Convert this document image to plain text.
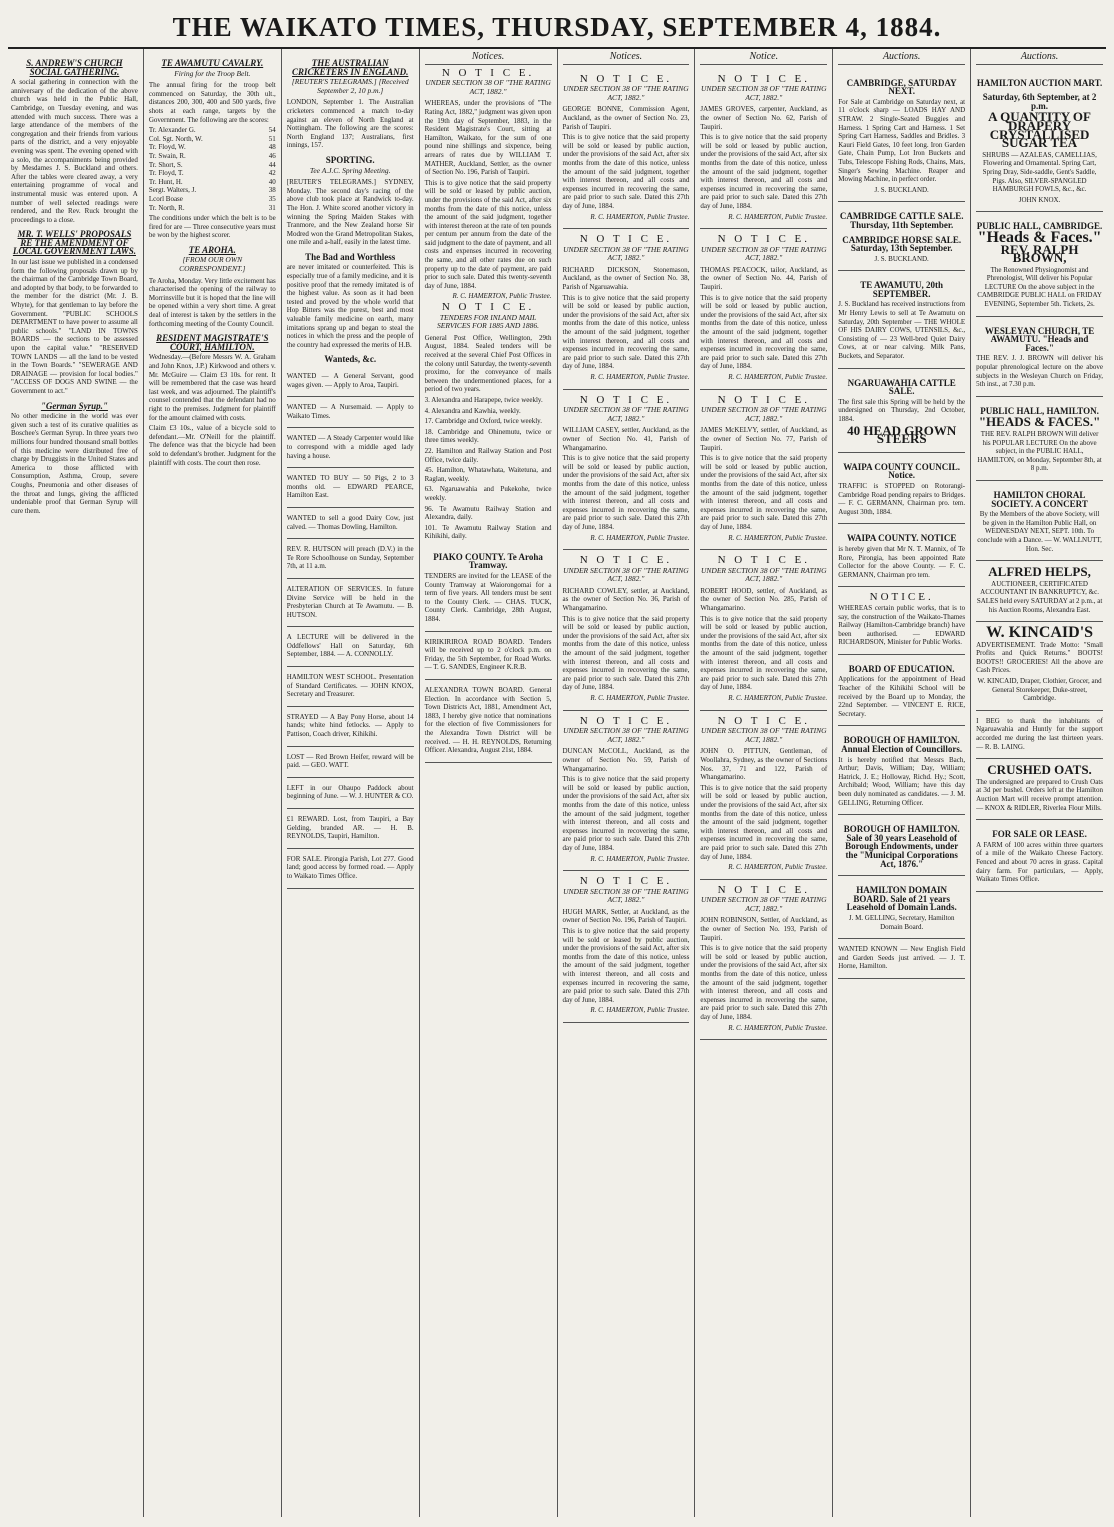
THE WAIKATO TIMES, THURSDAY, SEPTEMBER 4, 1884.
S. ANDREW'S CHURCH SOCIAL GATHERING.

A social gathering in connection with the anniversary of the dedication of the above church was held in the Public Hall, Cambridge, on Tuesday evening, and was attended with much success. There was a large attendance of the members of the congregation and their friends from various parts of the district, and a very enjoyable evening was spent. The evening opened with a solo, the accompaniments being provided by Mesdames J. S. Buckland and others. After the tables were cleared away, a very entertaining programme of vocal and instrumental music was entered upon. A number of well selected readings were rendered, and the Rev. Ruck brought the proceedings to a close.

MR. T. WELLS' PROPOSALS RE THE AMENDMENT OF LOCAL GOVERNMENT LAWS.

In our last issue we published in a condensed form the following proposals drawn up by the chairman of the Cambridge Town Board, and adopted by that body, to be forwarded to the member for the district (Mr. J. B. Whyte), for that gentleman to lay before the Government. "PUBLIC SCHOOLS DEPARTMENT to have power to assume all public schools." "LAND IN TOWNS BOARDS — the sections to be assessed upon the capital value." "RESERVED TOWN LANDS — all the land to be vested in the Town Boards." "SEWERAGE AND DRAINAGE — provision for local bodies." "ACCESS OF DOGS AND SWINE — the Government to act."

"German Syrup."

No other medicine in the world was ever given such a test of its curative qualities as Boschee's German Syrup. In three years two millions four hundred thousand small bottles of this medicine were distributed free of charge by Druggists in the United States and America to those afflicted with Consumption, Asthma, Croup, severe Coughs, Pneumonia and other diseases of the throat and lungs, giving the afflicted undeniable proof that German Syrup will cure them.

TE AWAMUTU CAVALRY.
Firing for the Troop Belt.

The annual firing for the troop belt commenced on Saturday, the 30th ult., distances 200, 300, 400 and 500 yards, five shots at each range, targets by the Government. The following are the scores:

Tr. Alexander G.	54
Col. Sgt. North, W.	51
Tr. Floyd, W.	48
Tr. Swain, R.	46
Tr. Short, S.	44
Tr. Floyd, T.	42
Tr. Hunt, H.	40
Sergt. Walters, J.	38
Lcorl Boase	35
Tr. North, R.	31

The conditions under which the belt is to be fired for are — Three consecutive years must be won by the highest scorer.

TE AROHA.
[FROM OUR OWN CORRESPONDENT.]

Te Aroha, Monday. Very little excitement has characterised the opening of the railway to Morrinsville but it is hoped that the line will be opened within a very short time. A great deal of interest is taken by the settlers in the forthcoming meeting of the County Council.

RESIDENT MAGISTRATE'S COURT, HAMILTON.

Wednesday.—(Before Messrs W. A. Graham and John Knox, J.P.) Kirkwood and others v. Mr. McGuire — Claim £3 10s. for rent. It will be remembered that the case was heard last week, and was adjourned. The plaintiff's counsel contended that the defendant had no right to the premises. Judgment for plaintiff for the amount claimed with costs.

Claim £3 10s., value of a bicycle sold to defendant.—Mr. O'Neill for the plaintiff. The defence was that the bicycle had been sold to defendant's brother. Judgment for the plaintiff with costs. The court then rose.

THE AUSTRALIAN CRICKETERS IN ENGLAND.
[REUTER'S TELEGRAMS.] [Received September 2, 10 p.m.]

LONDON, September 1. The Australian cricketers commenced a match to-day against an eleven of North England at Nottingham. The following are the scores: North England 137; Australians, first innings, 157.

SPORTING.
Tee A.J.C. Spring Meeting.

[REUTER'S TELEGRAMS.] SYDNEY, Monday. The second day's racing of the above club took place at Randwick to-day. The Hon. J. White scored another victory in winning the Spring Maiden Stakes with Tranmore, and the New Zealand horse Sir Modred won the Grand Metropolitan Stakes, one mile and a-half, easily in the latest time.

The Bad and Worthless

are never imitated or counterfeited. This is especially true of a family medicine, and it is positive proof that the remedy imitated is of the highest value. As soon as it had been tested and proved by the whole world that Hop Bitters was the purest, best and most valuable family medicine on earth, many imitations sprang up and began to steal the notices in which the press and the people of the country had expressed the merits of H.B.

Wanteds, &c.

WANTED — A General Servant, good wages given. — Apply to Aroa, Taupiri.

WANTED — A Nursemaid. — Apply to Waikato Times.

WANTED — A Steady Carpenter would like to correspond with a middle aged lady having a house.

WANTED TO BUY — 50 Pigs, 2 to 3 months old. — EDWARD PEARCE, Hamilton East.

WANTED to sell a good Dairy Cow, just calved. — Thomas Dowling, Hamilton.

REV. R. HUTSON will preach (D.V.) in the Te Rore Schoolhouse on Sunday, September 7th, at 11 a.m.

ALTERATION OF SERVICES. In future Divine Service will be held in the Presbyterian Church at Te Awamutu. — B. HUTSON.

A LECTURE will be delivered in the Oddfellows' Hall on Saturday, 6th September, 1884. — A. CONNOLLY.

HAMILTON WEST SCHOOL. Presentation of Standard Certificates. — JOHN KNOX, Secretary and Treasurer.

STRAYED — A Bay Pony Horse, about 14 hands; white hind fetlocks. — Apply to Pattison, Coach driver, Kihikihi.

LOST — Red Brown Heifer, reward will be paid. — GEO. WATT.

LEFT in our Ohaupo Paddock about beginning of June. — W. J. HUNTER & CO.

£1 REWARD. Lost, from Taupiri, a Bay Gelding, branded AR. — H. B. REYNOLDS, Taupiri, Hamilton.

FOR SALE. Pirongia Parish, Lot 277. Good land; good access by formed road. — Apply to Waikato Times Office.

Notices.
N O T I C E.
UNDER SECTION 38 OF "THE RATING ACT, 1882."

WHEREAS, under the provisions of "The Rating Act, 1882," judgment was given upon the 19th day of September, 1883, in the Resident Magistrate's Court, sitting at Hamilton, Waikato, for the sum of one pound nine shillings and sixpence, being arrears of rates due by WILLIAM T. MATHER, Auckland, Settler, as the owner of Section No. 196, Parish of Taupiri.

This is to give notice that the said property will be sold or leased by public auction, under the provisions of the said Act, after six months from the date of this notice, unless the amount of the said judgment, together with interest thereon at the rate of ten pounds per centum per annum from the date of the said judgment to the date of payment, and all costs and expenses incurred in recovering the same, and all other rates due on such property up to the date of payment, are paid prior to such sale. Dated this twenty-seventh day of June, 1884.

R. C. HAMERTON, Public Trustee.

N O T I C E.
TENDERS FOR INLAND MAIL SERVICES FOR 1885 AND 1886.

General Post Office, Wellington, 29th August, 1884. Sealed tenders will be received at the several Chief Post Offices in the colony until Saturday, the twenty-seventh proximo, for the conveyance of mails between the undermentioned places, for a period of two years.

3. Alexandra and Harapepe, twice weekly.

4. Alexandra and Kawhia, weekly.

17. Cambridge and Oxford, twice weekly.

18. Cambridge and Ohinemutu, twice or three times weekly.

22. Hamilton and Railway Station and Post Office, twice daily.

45. Hamilton, Whatawhata, Waitetuna, and Raglan, weekly.

63. Ngaruawahia and Pukekohe, twice weekly.

96. Te Awamutu Railway Station and Alexandra, daily.

101. Te Awamutu Railway Station and Kihikihi, daily.

PIAKO COUNTY. Te Aroha Tramway.

TENDERS are invited for the LEASE of the County Tramway at Waiorongomai for a term of five years. All tenders must be sent to the County Clerk. — CHAS. TUCK, County Clerk. Cambridge, 28th August, 1884.

KIRIKIRIROA ROAD BOARD. Tenders will be received up to 2 o'clock p.m. on Friday, the 5th September, for Road Works. — T. G. SANDES, Engineer K.R.B.

ALEXANDRA TOWN BOARD. General Election. In accordance with Section 5, Town Districts Act, 1881, Amendment Act, 1883, I hereby give notice that nominations for the election of five Commissioners for the Alexandra Town District will be received. — H. H. REYNOLDS, Returning Officer. Alexandra, August 21st, 1884.

Notices.
N O T I C E.
UNDER SECTION 38 OF "THE RATING ACT, 1882."

GEORGE BONNE, Commission Agent, Auckland, as the owner of Section No. 23, Parish of Taupiri.

This is to give notice that the said property will be sold or leased by public auction, under the provisions of the said Act, after six months from the date of this notice, unless the amount of the said judgment, together with interest thereon, and all costs and expenses incurred in recovering the same, are paid prior to such sale. Dated this 27th day of June, 1884.

R. C. HAMERTON, Public Trustee.

N O T I C E.
UNDER SECTION 38 OF "THE RATING ACT, 1882."

RICHARD DICKSON, Stonemason, Auckland, as the owner of Section No. 38, Parish of Ngaruawahia.

This is to give notice that the said property will be sold or leased by public auction, under the provisions of the said Act, after six months from the date of this notice, unless the amount of the said judgment, together with interest thereon, and all costs and expenses incurred in recovering the same, are paid prior to such sale. Dated this 27th day of June, 1884.

R. C. HAMERTON, Public Trustee.

N O T I C E.
UNDER SECTION 38 OF "THE RATING ACT, 1882."

WILLIAM CASEY, settler, Auckland, as the owner of Section No. 41, Parish of Whangamarino.

This is to give notice that the said property will be sold or leased by public auction, under the provisions of the said Act, after six months from the date of this notice, unless the amount of the said judgment, together with interest thereon, and all costs and expenses incurred in recovering the same, are paid prior to such sale. Dated this 27th day of June, 1884.

R. C. HAMERTON, Public Trustee.

N O T I C E.
UNDER SECTION 38 OF "THE RATING ACT, 1882."

RICHARD COWLEY, settler, at Auckland, as the owner of Section No. 36, Parish of Whangamarino.

This is to give notice that the said property will be sold or leased by public auction, under the provisions of the said Act, after six months from the date of this notice, unless the amount of the said judgment, together with interest thereon, and all costs and expenses incurred in recovering the same, are paid prior to such sale. Dated this 27th day of June, 1884.

R. C. HAMERTON, Public Trustee.

N O T I C E.
UNDER SECTION 38 OF "THE RATING ACT, 1882."

DUNCAN McCOLL, Auckland, as the owner of Section No. 59, Parish of Whangamarino.

This is to give notice that the said property will be sold or leased by public auction, under the provisions of the said Act, after six months from the date of this notice, unless the amount of the said judgment, together with interest thereon, and all costs and expenses incurred in recovering the same, are paid prior to such sale. Dated this 27th day of June, 1884.

R. C. HAMERTON, Public Trustee.

N O T I C E.
UNDER SECTION 38 OF "THE RATING ACT, 1882."

HUGH MARK, Settler, at Auckland, as the owner of Section No. 196, Parish of Taupiri.

This is to give notice that the said property will be sold or leased by public auction, under the provisions of the said Act, after six months from the date of this notice, unless the amount of the said judgment, together with interest thereon, and all costs and expenses incurred in recovering the same, are paid prior to such sale. Dated this 27th day of June, 1884.

R. C. HAMERTON, Public Trustee.

Notice.
N O T I C E.
UNDER SECTION 38 OF "THE RATING ACT, 1882."

JAMES GROVES, carpenter, Auckland, as the owner of Section No. 62, Parish of Taupiri.

This is to give notice that the said property will be sold or leased by public auction, under the provisions of the said Act, after six months from the date of this notice, unless the amount of the said judgment, together with interest thereon, and all costs and expenses incurred in recovering the same, are paid prior to such sale. Dated this 27th day of June, 1884.

R. C. HAMERTON, Public Trustee.

N O T I C E.
UNDER SECTION 38 OF "THE RATING ACT, 1882."

THOMAS PEACOCK, tailor, Auckland, as the owner of Section No. 44, Parish of Taupiri.

This is to give notice that the said property will be sold or leased by public auction, under the provisions of the said Act, after six months from the date of this notice, unless the amount of the said judgment, together with interest thereon, and all costs and expenses incurred in recovering the same, are paid prior to such sale. Dated this 27th day of June, 1884.

R. C. HAMERTON, Public Trustee.

N O T I C E.
UNDER SECTION 38 OF "THE RATING ACT, 1882."

JAMES McKELVY, settler, of Auckland, as the owner of Section No. 77, Parish of Taupiri.

This is to give notice that the said property will be sold or leased by public auction, under the provisions of the said Act, after six months from the date of this notice, unless the amount of the said judgment, together with interest thereon, and all costs and expenses incurred in recovering the same, are paid prior to such sale. Dated this 27th day of June, 1884.

R. C. HAMERTON, Public Trustee.

N O T I C E.
UNDER SECTION 38 OF "THE RATING ACT, 1882."

ROBERT HOOD, settler, of Auckland, as the owner of Section No. 285, Parish of Whangamarino.

This is to give notice that the said property will be sold or leased by public auction, under the provisions of the said Act, after six months from the date of this notice, unless the amount of the said judgment, together with interest thereon, and all costs and expenses incurred in recovering the same, are paid prior to such sale. Dated this 27th day of June, 1884.

R. C. HAMERTON, Public Trustee.

N O T I C E.
UNDER SECTION 38 OF "THE RATING ACT, 1882."

JOHN O. PITTUN, Gentleman, of Woollahra, Sydney, as the owner of Sections Nos. 37, 71 and 122, Parish of Whangamarino.

This is to give notice that the said property will be sold or leased by public auction, under the provisions of the said Act, after six months from the date of this notice, unless the amount of the said judgment, together with interest thereon, and all costs and expenses incurred in recovering the same, are paid prior to such sale. Dated this 27th day of June, 1884.

R. C. HAMERTON, Public Trustee.

N O T I C E.
UNDER SECTION 38 OF "THE RATING ACT, 1882."

JOHN ROBINSON, Settler, of Auckland, as the owner of Section No. 193, Parish of Taupiri.

This is to give notice that the said property will be sold or leased by public auction, under the provisions of the said Act, after six months from the date of this notice, unless the amount of the said judgment, together with interest thereon, and all costs and expenses incurred in recovering the same, are paid prior to such sale. Dated this 27th day of June, 1884.

R. C. HAMERTON, Public Trustee.

Auctions.
CAMBRIDGE, SATURDAY NEXT.

For Sale at Cambridge on Saturday next, at 11 o'clock sharp — LOADS HAY AND STRAW. 2 Single-Seated Buggies and Harness. 1 Spring Cart and Harness. 1 Set Spring Cart Harness, Saddles and Bridles. 3 Kauri Field Gates, 10 feet long. Iron Garden Gate, Chain Pump, Lot Iron Buckets and Tubs, Telescope Fishing Rods, Chains, Mats, Singer's Sewing Machine. Reaper and Mowing Machine, in perfect order.

J. S. BUCKLAND.

CAMBRIDGE CATTLE SALE. Thursday, 11th September.
CAMBRIDGE HORSE SALE. Saturday, 13th September.

J. S. BUCKLAND.

TE AWAMUTU, 20th SEPTEMBER.

J. S. Buckland has received instructions from Mr Henry Lewis to sell at Te Awamutu on Saturday, 20th September — THE WHOLE OF HIS DAIRY COWS, UTENSILS, &c., Consisting of — 23 Well-bred Quiet Dairy Cows, at or near calving. Milk Pans, Buckets, and Separator.

NGARUAWAHIA CATTLE SALE.

The first sale this Spring will be held by the undersigned on Thursday, 2nd October, 1884.

40 HEAD GROWN STEERS
WAIPA COUNTY COUNCIL. Notice.

TRAFFIC is STOPPED on Rotorangi-Cambridge Road pending repairs to Bridges. — F. C. GERMANN, Chairman pro. tem. August 30th, 1884.

WAIPA COUNTY. NOTICE

is hereby given that Mr N. T. Mannix, of Te Rore, Pirongia, has been appointed Rate Collector for the above County. — F. C. GERMANN, Chairman pro tem.

NOTICE.

WHEREAS certain public works, that is to say, the construction of the Waikato-Thames Railway (Hamilton-Cambridge branch) have been authorised. — EDWARD RICHARDSON, Minister for Public Works.

BOARD OF EDUCATION.

Applications for the appointment of Head Teacher of the Kihikihi School will be received by the Board up to Monday, the 22nd September. — VINCENT E. RICE, Secretary.

BOROUGH OF HAMILTON. Annual Election of Councillors.

It is hereby notified that Messrs Bach, Arthur; Davis, William; Day, William; Hatrick, J. E.; Holloway, Richd. Hy.; Scott, Archibald; Wood, William; have this day been duly nominated as candidates. — J. M. GELLING, Returning Officer.

BOROUGH OF HAMILTON. Sale of 30 years Leasehold of Borough Endowments, under the "Municipal Corporations Act, 1876."
HAMILTON DOMAIN BOARD. Sale of 21 years Leasehold of Domain Lands.

J. M. GELLING, Secretary, Hamilton Domain Board.

WANTED KNOWN — New English Field and Garden Seeds just arrived. — J. T. Horne, Hamilton.

Auctions.
HAMILTON AUCTION MART.
Saturday, 6th September, at 2 p.m.
A QUANTITY OF DRAPERY CRYSTALLISED SUGAR TEA

SHRUBS — AZALEAS, CAMELLIAS, Flowering and Ornamental. Spring Cart, Spring Dray, Side-saddle, Gent's Saddle, Pigs. Also, SILVER-SPANGLED HAMBURGH FOWLS, &c., &c.

JOHN KNOX.

PUBLIC HALL, CAMBRIDGE.
"Heads & Faces."
REV. RALPH BROWN,

The Renowned Physiognomist and Phrenologist, Will deliver his Popular LECTURE On the above subject in the CAMBRIDGE PUBLIC HALL on FRIDAY EVENING, September 5th. Tickets, 2s.

WESLEYAN CHURCH, TE AWAMUTU. "Heads and Faces."

THE REV. J. J. BROWN will deliver his popular phrenological lecture on the above subjects in the Wesleyan Church on Friday, 5th inst., at 7.30 p.m.

PUBLIC HALL, HAMILTON.
"HEADS & FACES."

THE REV. RALPH BROWN Will deliver his POPULAR LECTURE On the above subject, in the PUBLIC HALL, HAMILTON, on Monday, September 8th, at 8 p.m.

HAMILTON CHORAL SOCIETY. A CONCERT

By the Members of the above Society, will be given in the Hamilton Public Hall, on WEDNESDAY NEXT, SEPT. 10th. To conclude with a Dance. — W. WALLNUTT, Hon. Sec.

ALFRED HELPS,

AUCTIONEER, CERTIFICATED ACCOUNTANT IN BANKRUPTCY, &c. SALES held every SATURDAY at 2 p.m., at his Auction Rooms, Alexandra East.

W. KINCAID'S

ADVERTISEMENT. Trade Motto: "Small Profits and Quick Returns." BOOTS! BOOTS!! GROCERIES! All the above are Cash Prices.

W. KINCAID, Draper, Clothier, Grocer, and General Storekeeper, Duke-street, Cambridge.

I BEG to thank the inhabitants of Ngaruawahia and Huntly for the support accorded me during the last thirteen years. — R. B. LAING.

CRUSHED OATS.

The undersigned are prepared to Crush Oats at 3d per bushel. Orders left at the Hamilton Auction Mart will receive prompt attention. — KNOX & RIDLER, Riverlea Flour Mills.

FOR SALE OR LEASE.

A FARM of 100 acres within three quarters of a mile of the Waikato Cheese Factory. Fenced and about 70 acres in grass. Capital dairy farm. For particulars, — Apply, Waikato Times Office.
